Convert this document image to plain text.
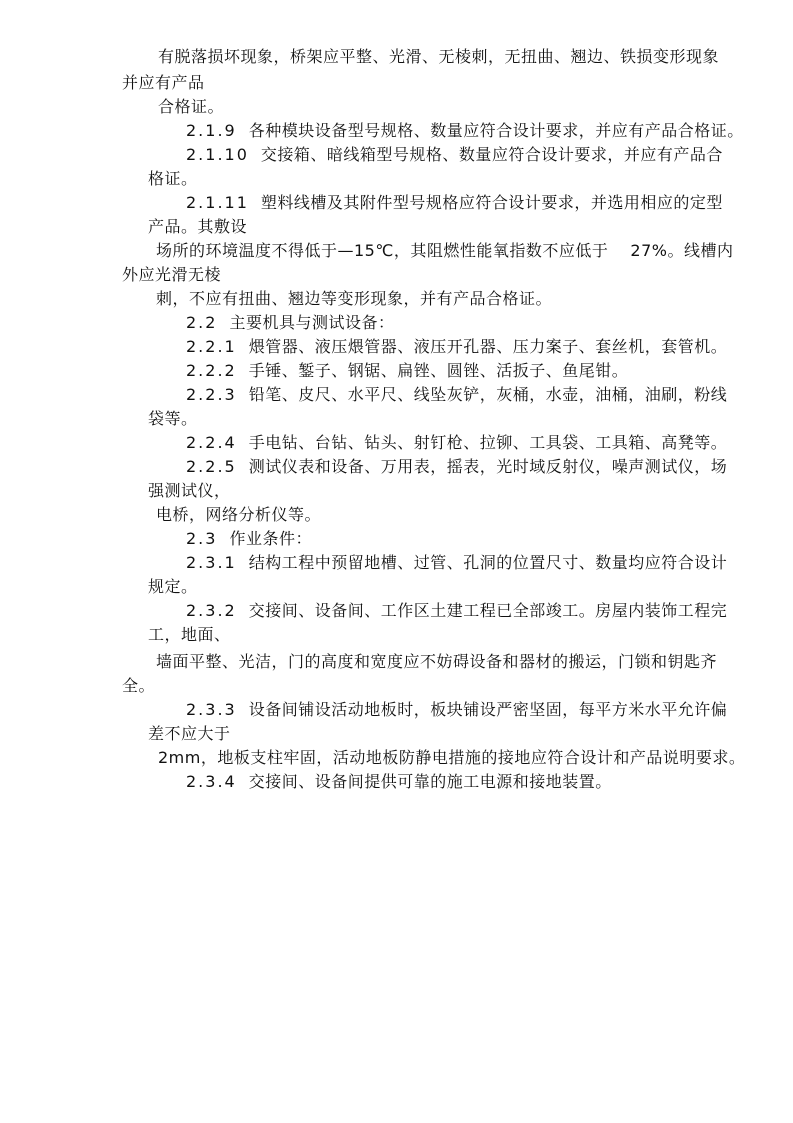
有脱落损坏现象，桥架应平整、光滑、无棱刺，无扭曲、翘边、铁损变形现象
并应有产品
合格证。
2.1.9 各种模块设备型号规格、数量应符合设计要求，并应有产品合格证。
2.1.10 交接箱、暗线箱型号规格、数量应符合设计要求，并应有产品合
格证。
2.1.11 塑料线槽及其附件型号规格应符合设计要求，并选用相应的定型
产品。其敷设
场所的环境温度不得低于—15℃，其阻燃性能氧指数不应低于　 27%。线槽内
外应光滑无棱
刺，不应有扭曲、翘边等变形现象，并有产品合格证。
2.2 主要机具与测试设备：
2.2.1 煨管器、液压煨管器、液压开孔器、压力案子、套丝机，套管机。
2.2.2 手锤、錾子、钢锯、扁锉、圆锉、活扳子、鱼尾钳。
2.2.3 铅笔、皮尺、水平尺、线坠灰铲，灰桶，水壶，油桶，油刷，粉线
袋等。
2.2.4 手电钻、台钻、钻头、射钉枪、拉铆、工具袋、工具箱、高凳等。
2.2.5 测试仪表和设备、万用表，摇表，光时域反射仪，噪声测试仪，场
强测试仪，
电桥，网络分析仪等。
2.3 作业条件：
2.3.1 结构工程中预留地槽、过管、孔洞的位置尺寸、数量均应符合设计
规定。
2.3.2 交接间、设备间、工作区土建工程已全部竣工。房屋内装饰工程完
工，地面、
墙面平整、光洁，门的高度和宽度应不妨碍设备和器材的搬运，门锁和钥匙齐
全。
2.3.3 设备间铺设活动地板时，板块铺设严密坚固，每平方米水平允许偏
差不应大于
2mm，地板支柱牢固，活动地板防静电措施的接地应符合设计和产品说明要求。
2.3.4 交接间、设备间提供可靠的施工电源和接地装置。
